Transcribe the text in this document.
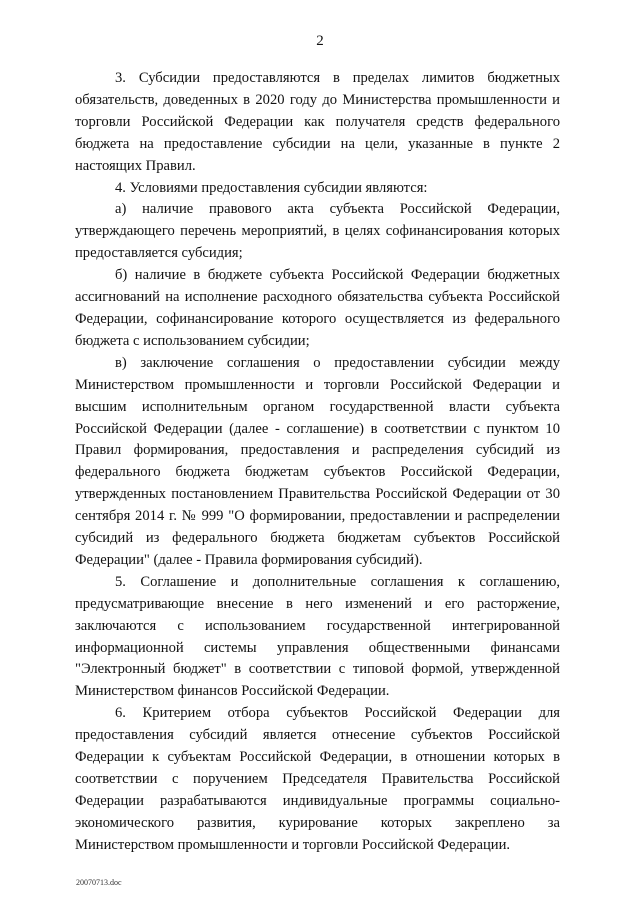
2

3. Субсидии предоставляются в пределах лимитов бюджетных обязательств, доведенных в 2020 году до Министерства промышленности и торговли Российской Федерации как получателя средств федерального бюджета на предоставление субсидии на цели, указанные в пункте 2 настоящих Правил.

4. Условиями предоставления субсидии являются:

а) наличие правового акта субъекта Российской Федерации, утверждающего перечень мероприятий, в целях софинансирования которых предоставляется субсидия;

б) наличие в бюджете субъекта Российской Федерации бюджетных ассигнований на исполнение расходного обязательства субъекта Российской Федерации, софинансирование которого осуществляется из федерального бюджета с использованием субсидии;

в) заключение соглашения о предоставлении субсидии между Министерством промышленности и торговли Российской Федерации и высшим исполнительным органом государственной власти субъекта Российской Федерации (далее - соглашение) в соответствии с пунктом 10 Правил формирования, предоставления и распределения субсидий из федерального бюджета бюджетам субъектов Российской Федерации, утвержденных постановлением Правительства Российской Федерации от 30 сентября 2014 г. № 999 "О формировании, предоставлении и распределении субсидий из федерального бюджета бюджетам субъектов Российской Федерации" (далее - Правила формирования субсидий).

5. Соглашение и дополнительные соглашения к соглашению, предусматривающие внесение в него изменений и его расторжение, заключаются с использованием государственной интегрированной информационной системы управления общественными финансами "Электронный бюджет" в соответствии с типовой формой, утвержденной Министерством финансов Российской Федерации.

6. Критерием отбора субъектов Российской Федерации для предоставления субсидий является отнесение субъектов Российской Федерации к субъектам Российской Федерации, в отношении которых в соответствии с поручением Председателя Правительства Российской Федерации разрабатываются индивидуальные программы социально-экономического развития, курирование которых закреплено за Министерством промышленности и торговли Российской Федерации.

20070713.doc
